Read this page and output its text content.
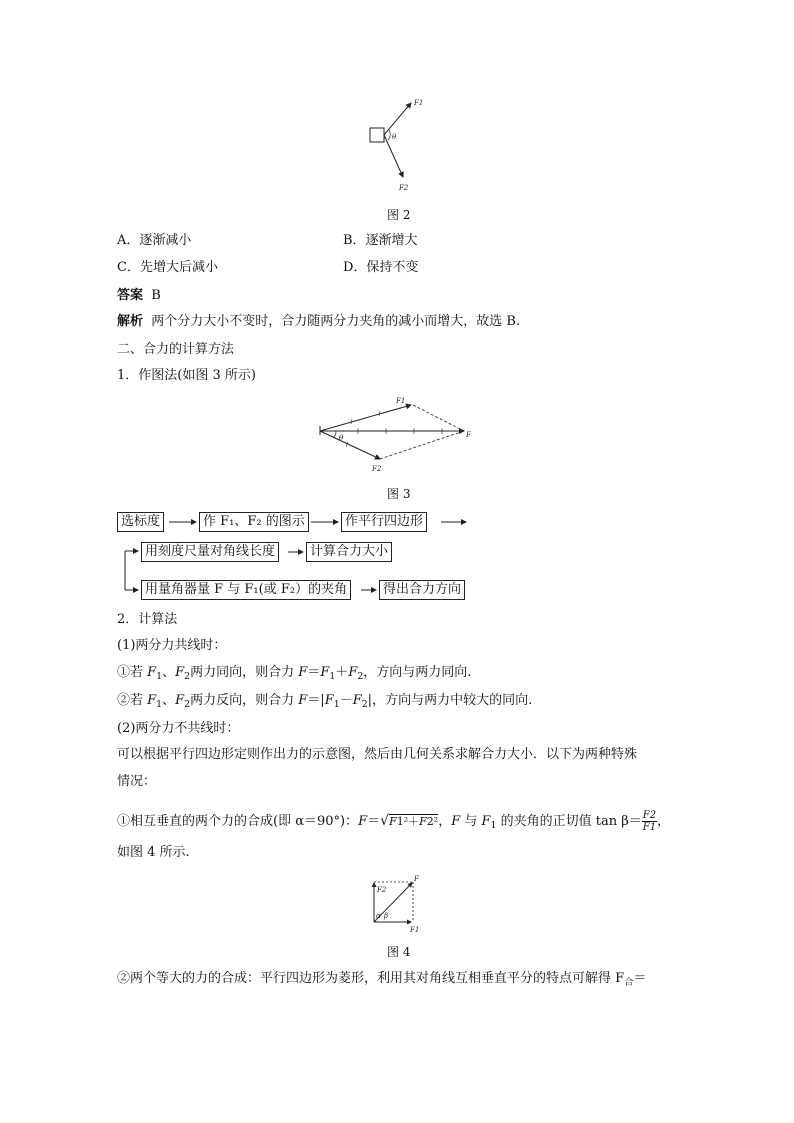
F1
θ
F2
图 2
A．逐渐减小	B．逐渐增大
C．先增大后减小	D．保持不变
答案 B
解析 两个分力大小不变时，合力随两分力夹角的减小而增大，故选 B.
二、合力的计算方法
1．作图法(如图 3 所示)
F1
θ	F
F2
图 3
选标度	作 F₁、F₂ 的图示	作平行四边形
用刻度尺量对角线长度	计算合力大小
用量角器量 F 与 F₁(或 F₂）的夹角	得出合力方向
2．计算法
(1)两分力共线时：
①若 $F_1$、$F_2$两力同向，则合力 $F=F_1+F_2$，方向与两力同向.
②若 $F_1$、$F_2$两力反向，则合力 $F=|F_1-F_2|$，方向与两力中较大的同向.
(2)两分力不共线时：
可以根据平行四边形定则作出力的示意图，然后由几何关系求解合力大小．以下为两种特殊
情况：
①相互垂直的两个力的合成(即 α＝90°)：F＝√F1²＋F2²，F 与 $F_1$ 的夹角的正切值 $\tan \beta= \frac{F2}{F1}$ ，
如图 4 所示.
F2
F
α β
F1
图 4
②两个等大的力的合成：平行四边形为菱形，利用其对角线互相垂直平分的特点可解得 $F_合=$
